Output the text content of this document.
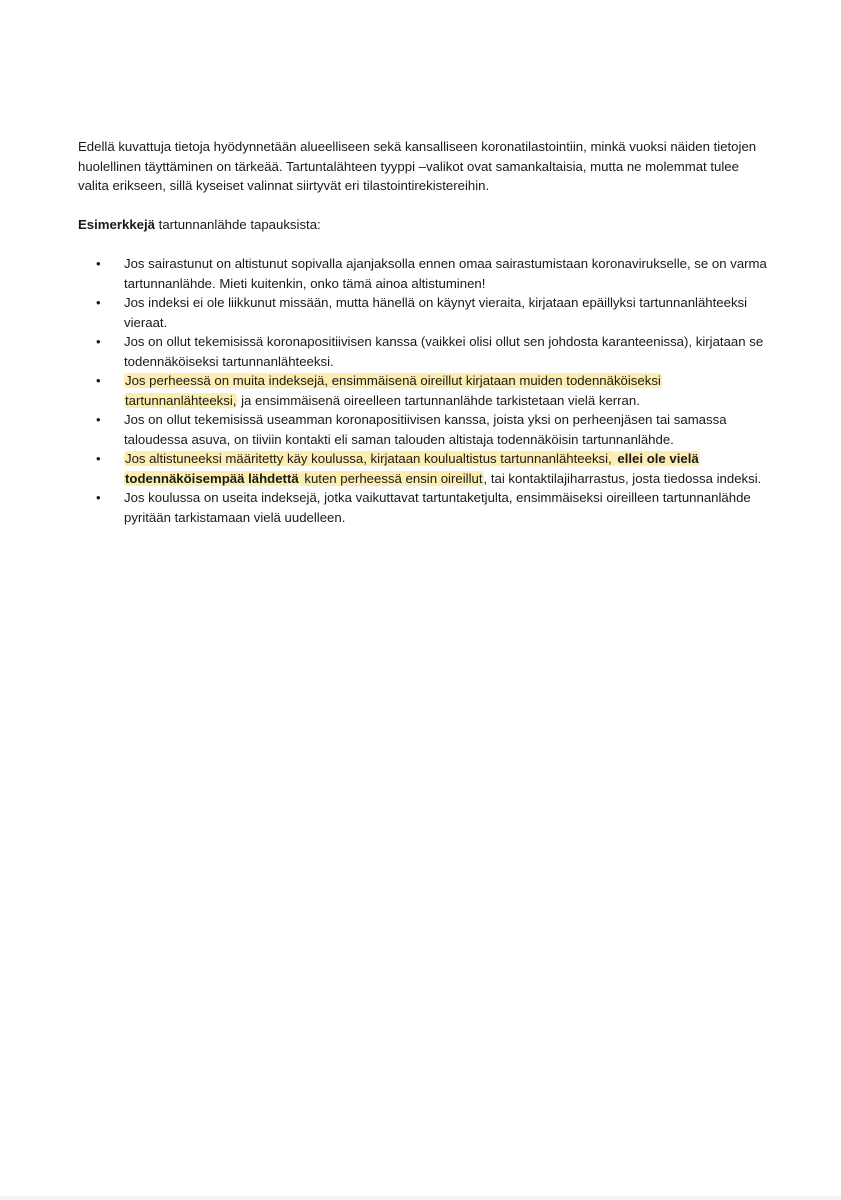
Edellä kuvattuja tietoja hyödynnetään alueelliseen sekä kansalliseen koronatilastointiin, minkä vuoksi näiden tietojen huolellinen täyttäminen on tärkeää. Tartuntalähteen tyyppi –valikot ovat samankaltaisia, mutta ne molemmat tulee valita erikseen, sillä kyseiset valinnat siirtyvät eri tilastointirekistereihin.

Esimerkkejä tartunnanlähde tapauksista:

• Jos sairastunut on altistunut sopivalla ajanjaksolla ennen omaa sairastumistaan koronavirukselle, se on varma tartunnanlähde. Mieti kuitenkin, onko tämä ainoa altistuminen!
• Jos indeksi ei ole liikkunut missään, mutta hänellä on käynyt vieraita, kirjataan epäillyksi tartunnanlähteeksi vieraat.
• Jos on ollut tekemisissä koronapositiivisen kanssa (vaikkei olisi ollut sen johdosta karanteenissa), kirjataan se todennäköiseksi tartunnanlähteeksi.
• Jos perheessä on muita indeksejä, ensimmäisenä oireillut kirjataan muiden todennäköiseksi tartunnanlähteeksi, ja ensimmäisenä oireelleen tartunnanlähde tarkistetaan vielä kerran.
• Jos on ollut tekemisissä useamman koronapositiivisen kanssa, joista yksi on perheenjäsen tai samassa taloudessa asuva, on tiiviin kontakti eli saman talouden altistaja todennäköisin tartunnanlähde.
• Jos altistuneeksi määritetty käy koulussa, kirjataan koulualtistus tartunnanlähteeksi, ellei ole vielä todennäköisempää lähdettä kuten perheessä ensin oireillut, tai kontaktilajiharrastus, josta tiedossa indeksi.
• Jos koulussa on useita indeksejä, jotka vaikuttavat tartuntaketjulta, ensimmäiseksi oireilleen tartunnanlähde pyritään tarkistamaan vielä uudelleen.
